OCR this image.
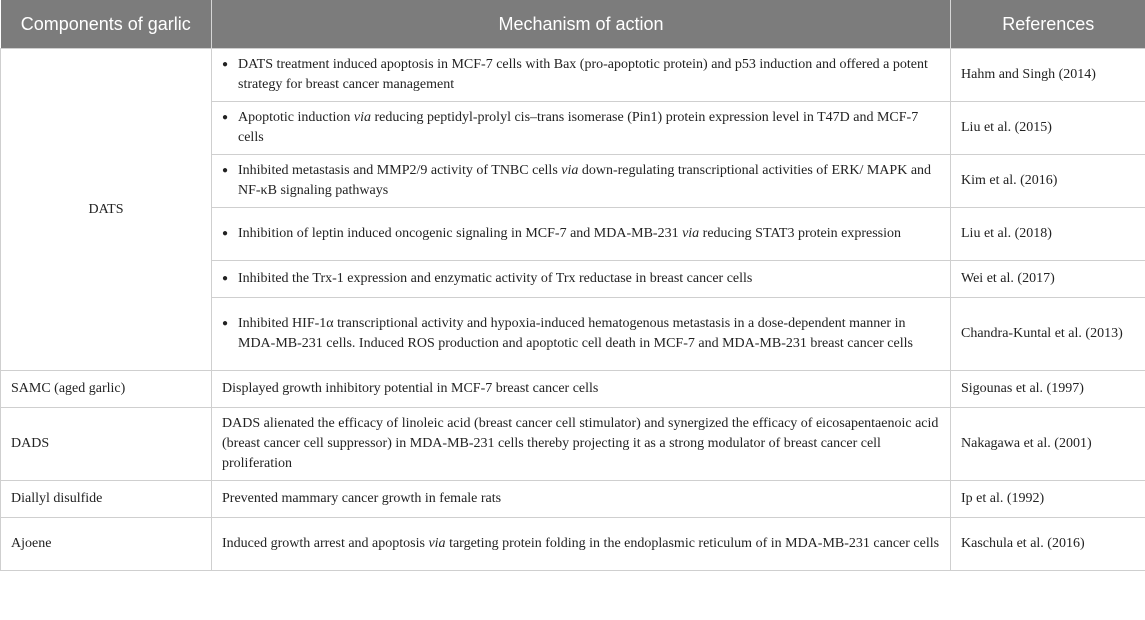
Components of garlic	Mechanism of action	References
DATS	● DATS treatment induced apoptosis in MCF-7 cells with Bax (pro-apoptotic protein) and p53 induction and offered a potent strategy for breast cancer management	Hahm and Singh (2014)

	● Apoptotic induction via reducing peptidyl-prolyl cis–trans isomerase (Pin1) protein expression level in T47D and MCF-7 cells	Liu et al. (2015)

	● Inhibited metastasis and MMP2/9 activity of TNBC cells via down-regulating transcriptional activities of ERK/ MAPK and NF-κB signaling pathways	Kim et al. (2016)

	● Inhibition of leptin induced oncogenic signaling in MCF-7 and MDA-MB-231 via reducing STAT3 protein expression	Liu et al. (2018)

	● Inhibited the Trx-1 expression and enzymatic activity of Trx reductase in breast cancer cells	Wei et al. (2017)

	● Inhibited HIF-1α transcriptional activity and hypoxia-induced hematogenous metastasis in a dose-dependent manner in MDA-MB-231 cells. Induced ROS production and apoptotic cell death in MCF-7 and MDA-MB-231 breast cancer cells	Chandra-Kuntal et al. (2013)
SAMC (aged garlic)	Displayed growth inhibitory potential in MCF-7 breast cancer cells	Sigounas et al. (1997)
DADS	DADS alienated the efficacy of linoleic acid (breast cancer cell stimulator) and synergized the efficacy of eicosapentaenoic acid (breast cancer cell suppressor) in MDA-MB-231 cells thereby projecting it as a strong modulator of breast cancer cell proliferation	Nakagawa et al. (2001)
Diallyl disulfide	Prevented mammary cancer growth in female rats	Ip et al. (1992)
Ajoene	Induced growth arrest and apoptosis via targeting protein folding in the endoplasmic reticulum of in MDA-MB-231 cancer cells	Kaschula et al. (2016)
